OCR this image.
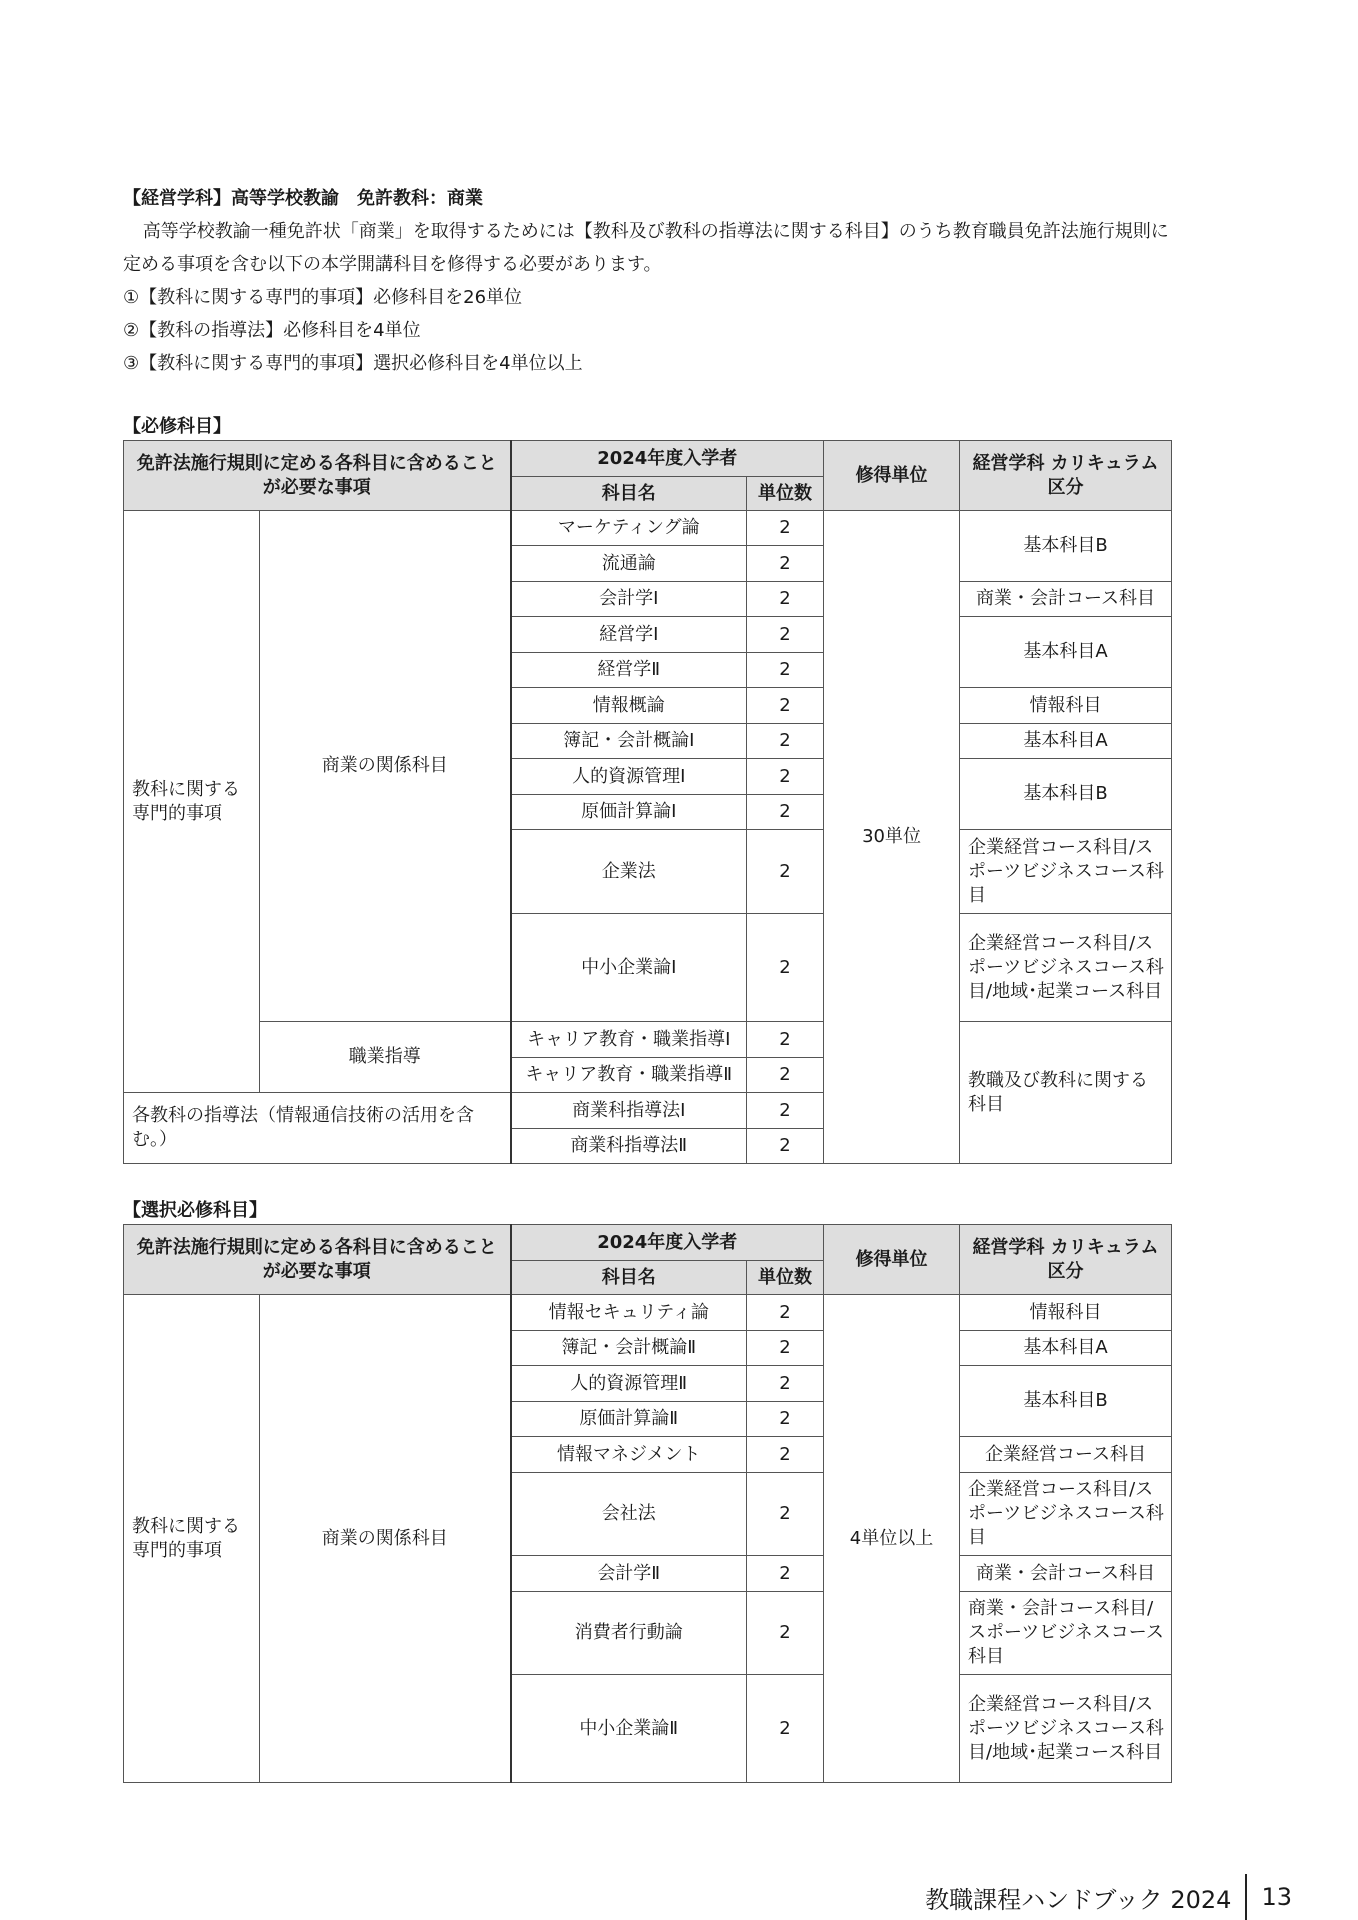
【経営学科】高等学校教諭　免許教科：商業

高等学校教諭一種免許状「商業」を取得するためには【教科及び教科の指導法に関する科目】のうち教育職員免許法施行規則に定める事項を含む以下の本学開講科目を修得する必要があります。

①【教科に関する専門的事項】必修科目を26単位

②【教科の指導法】必修科目を4単位

③【教科に関する専門的事項】選択必修科目を4単位以上

【必修科目】
免許法施行規則に定める各科目に含めることが必要な事項		2024年度入学者		修得単位	経営学科 カリキュラム区分
		科目名	単位数		
教科に関する 専門的事項	商業の関係科目	マーケティング論	2	30単位	基本科目B
		流通論	2		
		会計学Ⅰ	2		商業・会計コース科目
		経営学Ⅰ	2		基本科目A
		経営学Ⅱ	2		
		情報概論	2		情報科目
		簿記・会計概論Ⅰ	2		基本科目A
		人的資源管理Ⅰ	2		基本科目B
		原価計算論Ⅰ	2		
		企業法	2		企業経営コース科目/スポーツビジネスコース科目
		中小企業論Ⅰ	2		企業経営コース科目/スポーツビジネスコース科目/地域･起業コース科目
	職業指導	キャリア教育・職業指導Ⅰ	2		教職及び教科に関する科目
		キャリア教育・職業指導Ⅱ	2		
各教科の指導法（情報通信技術の活用を含む。）		商業科指導法Ⅰ	2		
		商業科指導法Ⅱ	2		
【選択必修科目】
免許法施行規則に定める各科目に含めることが必要な事項		2024年度入学者		修得単位	経営学科 カリキュラム区分
		科目名	単位数		
教科に関する 専門的事項	商業の関係科目	情報セキュリティ論	2	4単位以上	情報科目
		簿記・会計概論Ⅱ	2		基本科目A
		人的資源管理Ⅱ	2		基本科目B
		原価計算論Ⅱ	2		
		情報マネジメント	2		企業経営コース科目
		会社法	2		企業経営コース科目/スポーツビジネスコース科目
		会計学Ⅱ	2		商業・会計コース科目
		消費者行動論	2		商業・会計コース科目/スポーツビジネスコース科目
		中小企業論Ⅱ	2		企業経営コース科目/スポーツビジネスコース科目/地域･起業コース科目
教職課程ハンドブック 2024 13
